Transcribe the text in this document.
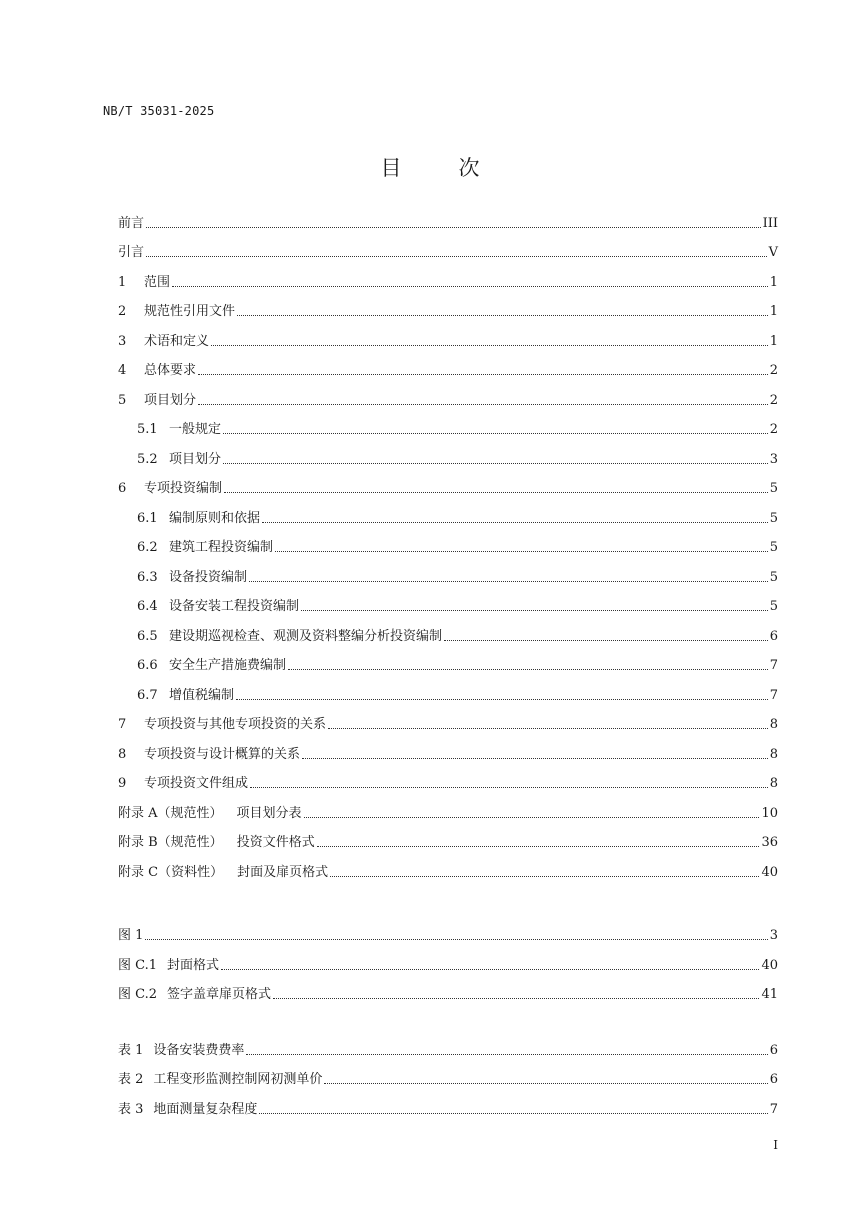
NB/T 35031-2025
目　次
前言	III
引言	V
1	范围	1
2	规范性引用文件	1
3	术语和定义	1
4	总体要求	2
5	项目划分	2
5.1 一般规定	2
5.2 项目划分	3
6	专项投资编制	5
6.1 编制原则和依据	5
6.2 建筑工程投资编制	5
6.3 设备投资编制	5
6.4 设备安装工程投资编制	5
6.5 建设期巡视检查、观测及资料整编分析投资编制	6
6.6 安全生产措施费编制	7
6.7 增值税编制	7
7	专项投资与其他专项投资的关系	8
8	专项投资与设计概算的关系	8
9	专项投资文件组成	8
附录 A（规范性） 项目划分表	10
附录 B（规范性） 投资文件格式	36
附录 C（资料性） 封面及扉页格式	40
图 1	3
图 C.1 封面格式	40
图 C.2 签字盖章扉页格式	41
表 1 设备安装费费率	6
表 2 工程变形监测控制网初测单价	6
表 3 地面测量复杂程度	7
I
